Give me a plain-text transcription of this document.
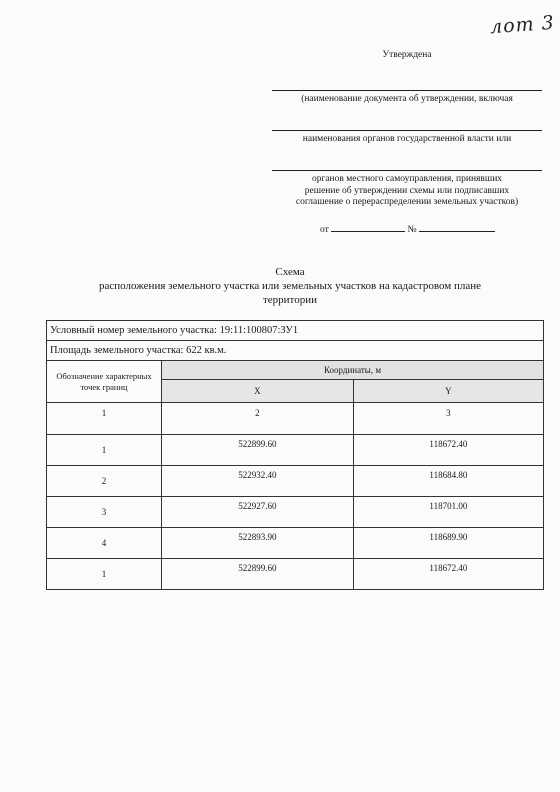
лот 3
Утверждена
(наименование документа об утверждении, включая
наименования органов государственной власти или
органов местного самоуправления, принявших
решение об утверждении схемы или подписавших
соглашение о перераспределении земельных участков)
от	№
Схема
расположения земельного участка или земельных участков на кадастровом плане
территории
Условный номер земельного участка: 19:11:100807:ЗУ1		
Площадь земельного участка: 622 кв.м.		
Обозначение характерных
точек границ	Координаты, м	
	X	Y
1	2	3
1	522899.60	118672.40
2	522932.40	118684.80
3	522927.60	118701.00
4	522893.90	118689.90
1	522899.60	118672.40
